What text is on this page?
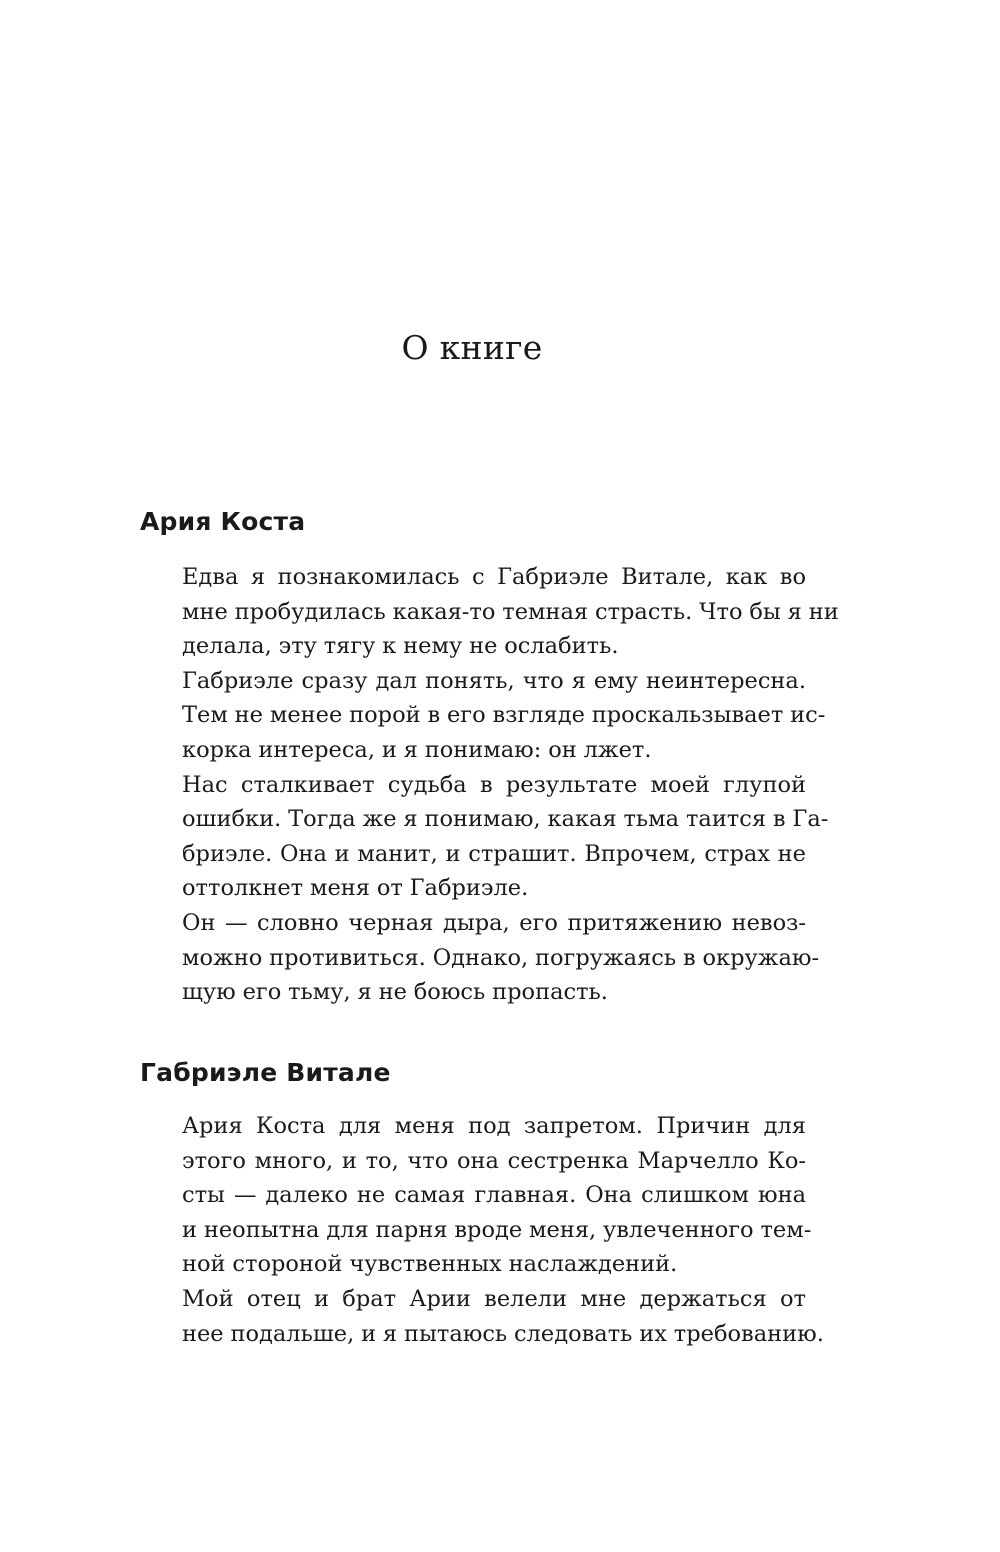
О книге
Ария Коста

Едва я познакомилась с Габриэле Витале, как во
мне пробудилась какая-то темная страсть. Что бы я ни
делала, эту тягу к нему не ослабить.

Габриэле сразу дал понять, что я ему неинтересна.
Тем не менее порой в его взгляде проскальзывает ис-
корка интереса, и я понимаю: он лжет.

Нас сталкивает судьба в результате моей глупой
ошибки. Тогда же я понимаю, какая тьма таится в Га-
бриэле. Она и манит, и страшит. Впрочем, страх не
оттолкнет меня от Габриэле.

Он — словно черная дыра, его притяжению невоз-
можно противиться. Однако, погружаясь в окружаю-
щую его тьму, я не боюсь пропасть.

Габриэле Витале

Ария Коста для меня под запретом. Причин для
этого много, и то, что она сестренка Марчелло Ко-
сты — далеко не самая главная. Она слишком юна
и неопытна для парня вроде меня, увлеченного тем-
ной стороной чувственных наслаждений.

Мой отец и брат Арии велели мне держаться от
нее подальше, и я пытаюсь следовать их требованию.
